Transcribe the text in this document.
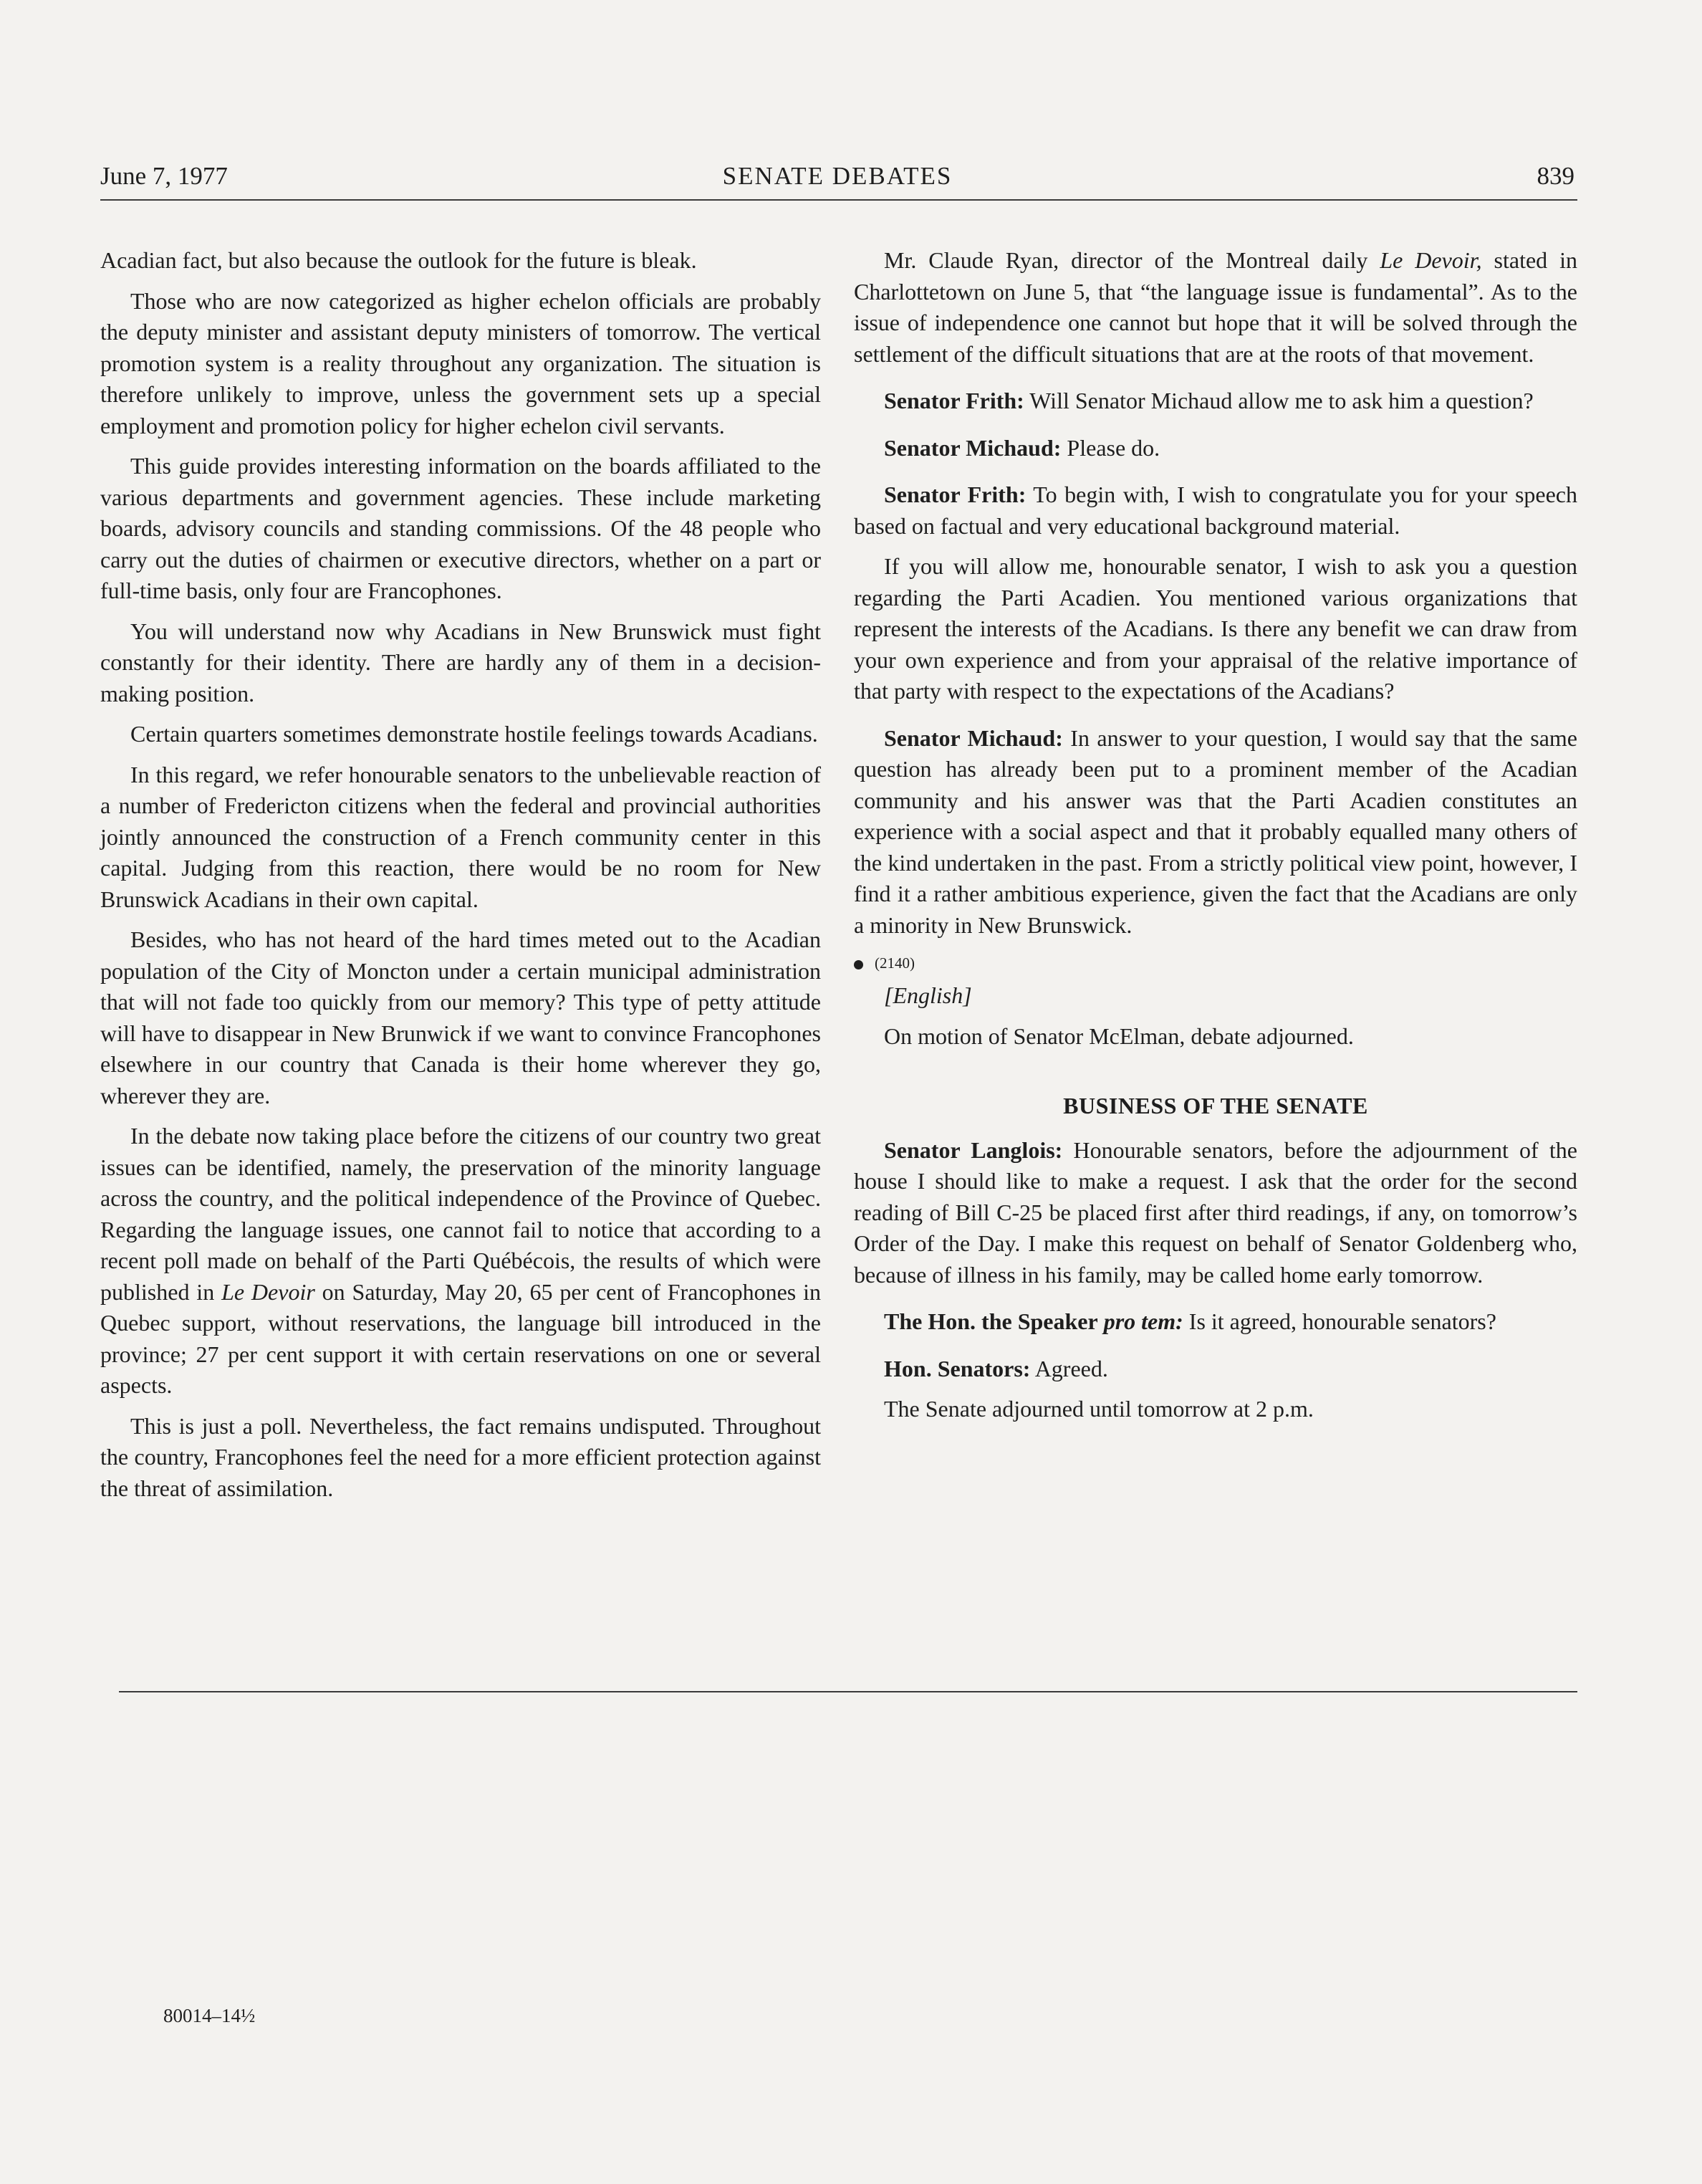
June 7, 1977	SENATE DEBATES	839

Acadian fact, but also because the outlook for the future is bleak.

Those who are now categorized as higher echelon officials are probably the deputy minister and assistant deputy ministers of tomorrow. The vertical promotion system is a reality throughout any organization. The situation is therefore unlikely to improve, unless the government sets up a special employment and promotion policy for higher echelon civil servants.

This guide provides interesting information on the boards affiliated to the various departments and government agencies. These include marketing boards, advisory councils and standing commissions. Of the 48 people who carry out the duties of chairmen or executive directors, whether on a part or full-time basis, only four are Francophones.

You will understand now why Acadians in New Brunswick must fight constantly for their identity. There are hardly any of them in a decision-making position.

Certain quarters sometimes demonstrate hostile feelings towards Acadians.

In this regard, we refer honourable senators to the unbelievable reaction of a number of Fredericton citizens when the federal and provincial authorities jointly announced the construction of a French community center in this capital. Judging from this reaction, there would be no room for New Brunswick Acadians in their own capital.

Besides, who has not heard of the hard times meted out to the Acadian population of the City of Moncton under a certain municipal administration that will not fade too quickly from our memory? This type of petty attitude will have to disappear in New Brunwick if we want to convince Francophones elsewhere in our country that Canada is their home wherever they go, wherever they are.

In the debate now taking place before the citizens of our country two great issues can be identified, namely, the preservation of the minority language across the country, and the political independence of the Province of Quebec. Regarding the language issues, one cannot fail to notice that according to a recent poll made on behalf of the Parti Québécois, the results of which were published in Le Devoir on Saturday, May 20, 65 per cent of Francophones in Quebec support, without reservations, the language bill introduced in the province; 27 per cent support it with certain reservations on one or several aspects.

This is just a poll. Nevertheless, the fact remains undisputed. Throughout the country, Francophones feel the need for a more efficient protection against the threat of assimilation.

Mr. Claude Ryan, director of the Montreal daily Le Devoir, stated in Charlottetown on June 5, that “the language issue is fundamental”. As to the issue of independence one cannot but hope that it will be solved through the settlement of the difficult situations that are at the roots of that movement.

Senator Frith: Will Senator Michaud allow me to ask him a question?

Senator Michaud: Please do.

Senator Frith: To begin with, I wish to congratulate you for your speech based on factual and very educational background material.

If you will allow me, honourable senator, I wish to ask you a question regarding the Parti Acadien. You mentioned various organizations that represent the interests of the Acadians. Is there any benefit we can draw from your own experience and from your appraisal of the relative importance of that party with respect to the expectations of the Acadians?

Senator Michaud: In answer to your question, I would say that the same question has already been put to a prominent member of the Acadian community and his answer was that the Parti Acadien constitutes an experience with a social aspect and that it probably equalled many others of the kind undertaken in the past. From a strictly political view point, however, I find it a rather ambitious experience, given the fact that the Acadians are only a minority in New Brunswick.

(2140)

[English]

On motion of Senator McElman, debate adjourned.

BUSINESS OF THE SENATE

Senator Langlois: Honourable senators, before the adjournment of the house I should like to make a request. I ask that the order for the second reading of Bill C-25 be placed first after third readings, if any, on tomorrow’s Order of the Day. I make this request on behalf of Senator Goldenberg who, because of illness in his family, may be called home early tomorrow.

The Hon. the Speaker pro tem: Is it agreed, honourable senators?

Hon. Senators: Agreed.

The Senate adjourned until tomorrow at 2 p.m.

80014–14½
